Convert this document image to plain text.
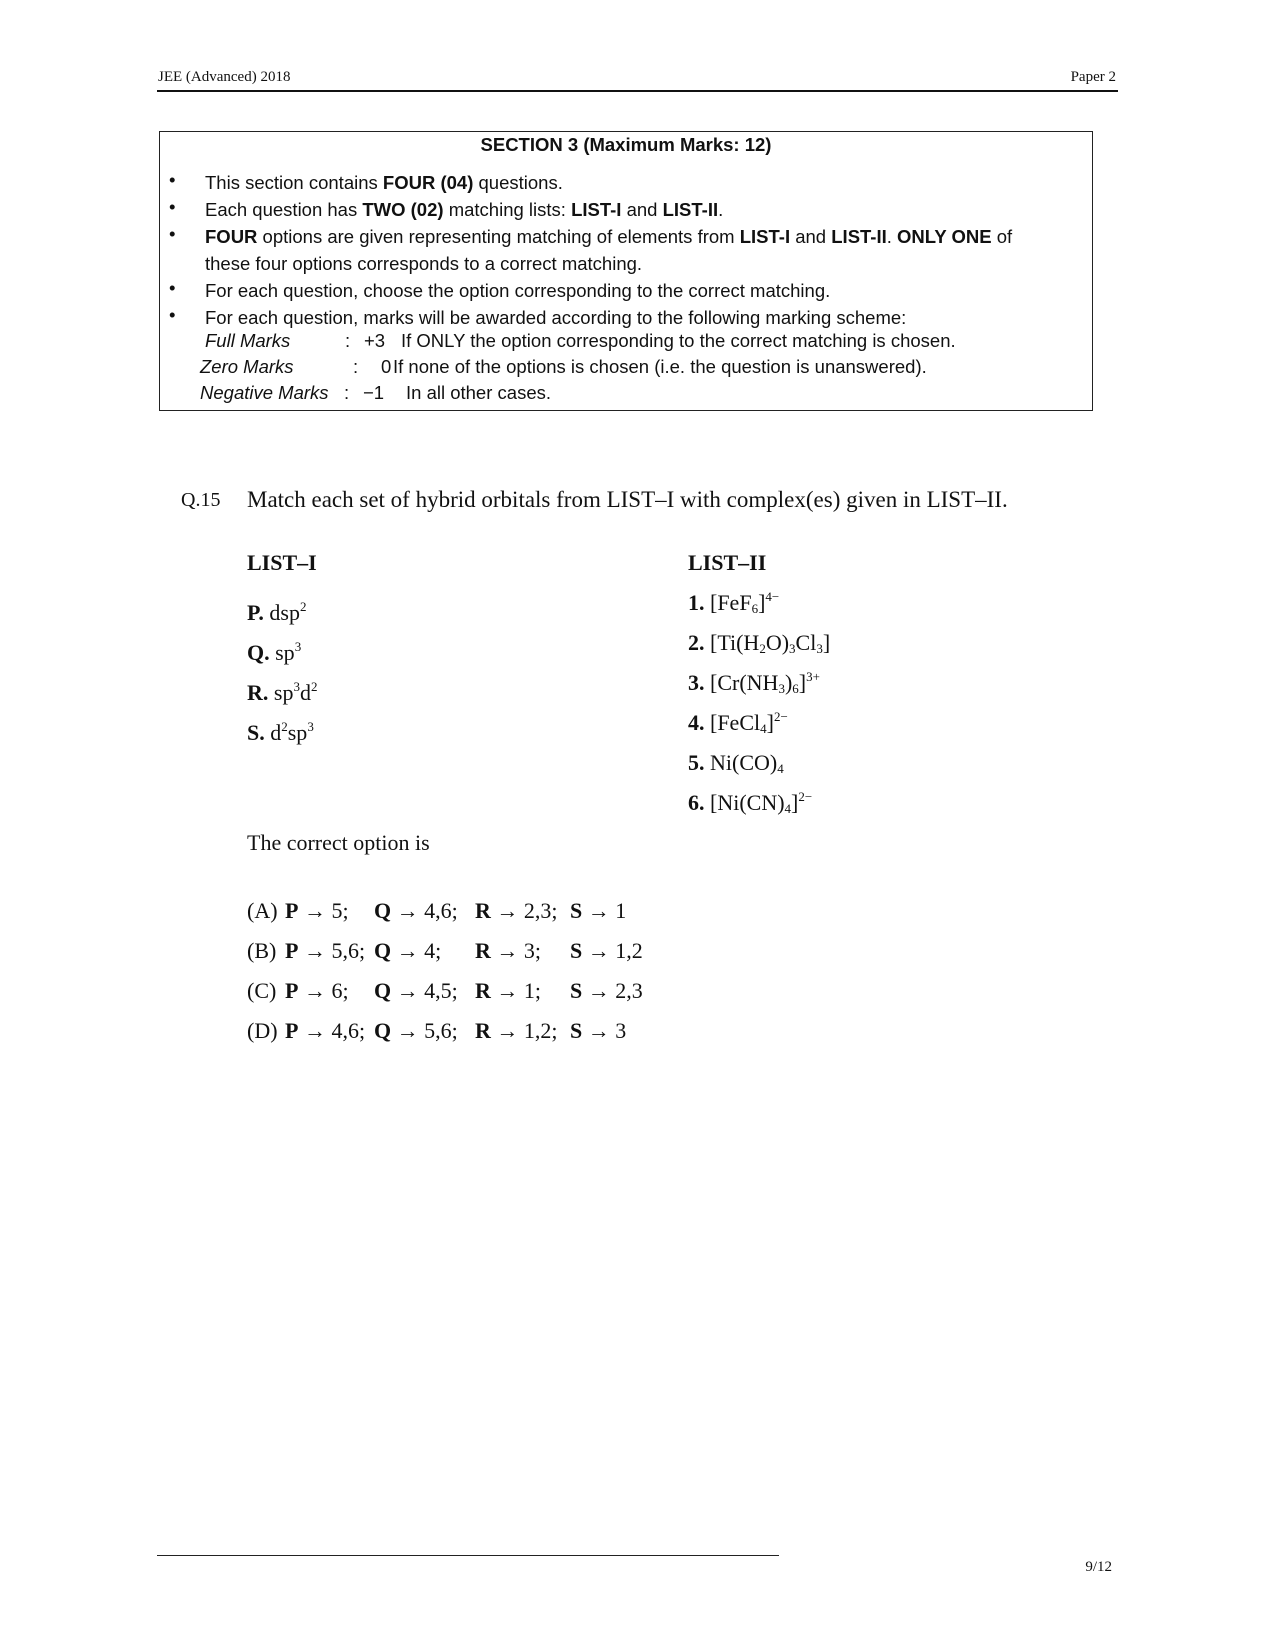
JEE (Advanced) 2018	Paper 2
SECTION 3 (Maximum Marks: 12)
• This section contains FOUR (04) questions.
• Each question has TWO (02) matching lists: LIST-I and LIST-II.
• FOUR options are given representing matching of elements from LIST-I and LIST-II. ONLY ONE of these four options corresponds to a correct matching.
• For each question, choose the option corresponding to the correct matching.
• For each question, marks will be awarded according to the following marking scheme:
Full Marks	: +3 If ONLY the option corresponding to the correct matching is chosen.
Zero Marks	: 0 If none of the options is chosen (i.e. the question is unanswered).
Negative Marks : −1 In all other cases.
Q.15 Match each set of hybrid orbitals from LIST–I with complex(es) given in LIST–II.
LIST–I	LIST–II
P. dsp$^2$
Q. $sp^3$
R. $sp^3d^2$
S. $d^2sp^3$
1. $[FeF_6]^{4-}$
2. $[Ti(H_2O)_3Cl_3]$
3. $[Cr(NH_3)_6]^{3+}$
4. [FeCl$_4$]$^{2-}$
5. $Ni(CO)_4$
6. $[Ni(CN)_4]^{2-}$
The correct option is
(A) P → 5; Q → 4,6; R → 2,3; S → 1
(B) P → 5,6; Q → 4; R → 3; S → 1,2
(C) P → 6; Q → 4,5; R → 1; S → 2,3
(D) P → 4,6; Q → 5,6; R → 1,2; S → 3
9/12
